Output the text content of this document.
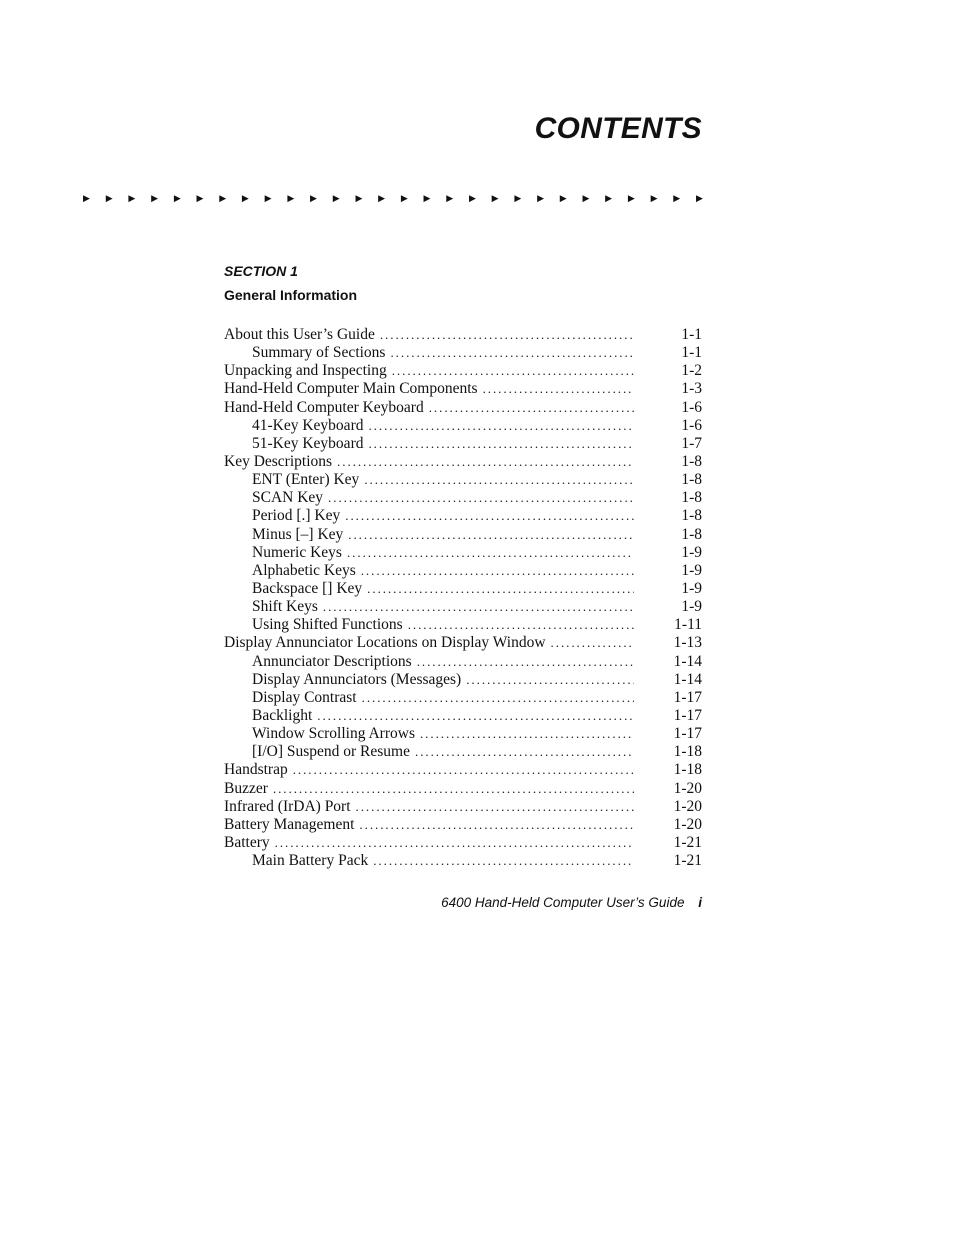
CONTENTS
▶ ▶ ▶ ▶ ▶ ▶ ▶ ▶ ▶ ▶ ▶ ▶ ▶ ▶ ▶ ▶ ▶ ▶ ▶ ▶ ▶ ▶ ▶ ▶ ▶ ▶ ▶ ▶
SECTION 1
General Information
About this User’s Guide . . .	1-1
Summary of Sections . . .	1-1
Unpacking and Inspecting . . .	1-2
Hand-Held Computer Main Components . . .	1-3
Hand-Held Computer Keyboard . . .	1-6
41-Key Keyboard . . .	1-6
51-Key Keyboard . . .	1-7
Key Descriptions . . .	1-8
ENT (Enter) Key . . .	1-8
SCAN Key . . .	1-8
Period [.] Key . . .	1-8
Minus [–] Key . . .	1-8
Numeric Keys . . .	1-9
Alphabetic Keys . . .	1-9
Backspace [] Key . . .	1-9
Shift Keys . . .	1-9
Using Shifted Functions . . .	1-11
Display Annunciator Locations on Display Window . . .	1-13
Annunciator Descriptions . . .	1-14
Display Annunciators (Messages) . . .	1-14
Display Contrast . . .	1-17
Backlight . . .	1-17
Window Scrolling Arrows . . .	1-17
[I/O] Suspend or Resume . . .	1-18
Handstrap . . .	1-18
Buzzer . . .	1-20
Infrared (IrDA) Port . . .	1-20
Battery Management . . .	1-20
Battery . . .	1-21
Main Battery Pack . . .	1-21
6400 Hand-Held Computer User’s Guide i
